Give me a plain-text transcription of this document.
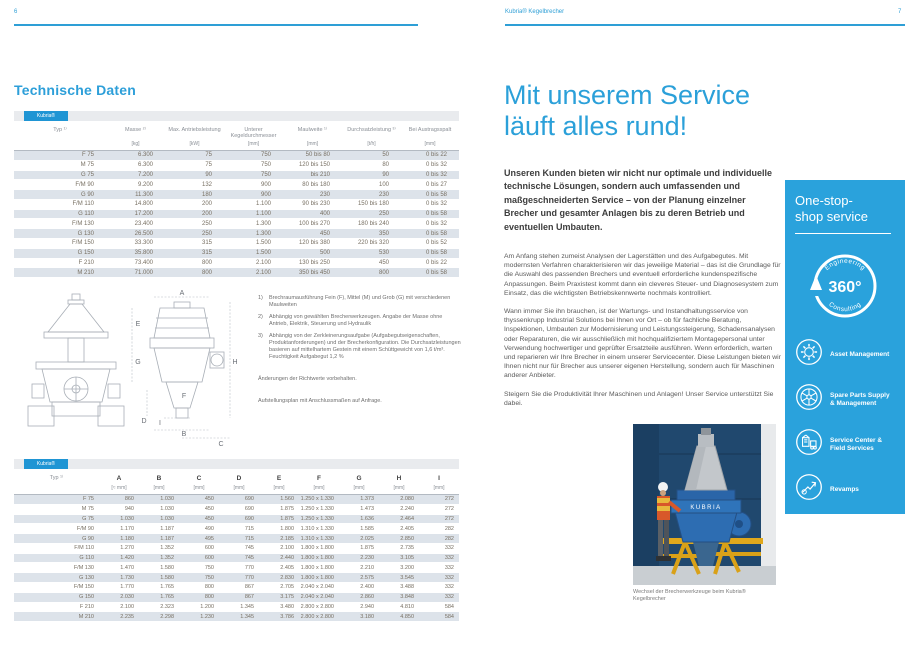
6
Technische Daten
Kubria®
Typ ¹⁾	Masse ²⁾	Max. Antriebsleistung	Unterer Kegeldurchmesser	Maulweite ¹⁾	Durchsatzleistung ³⁾	Bei Austragsspalt
	[kg]	[kW]	[mm]	[mm]	[t/h]	[mm]
F 75	6.300	75	750	50 bis 80	50	0 bis 22
M 75	6.300	75	750	120 bis 150	80	0 bis 32
G 75	7.200	90	750	bis 210	90	0 bis 32
F/M 90	9.200	132	900	80 bis 180	100	0 bis 27
G 90	11.300	180	900	230	230	0 bis 58
F/M 110	14.800	200	1.100	90 bis 230	150 bis 180	0 bis 32
G 110	17.200	200	1.100	400	250	0 bis 58
F/M 130	23.400	250	1.300	100 bis 270	180 bis 240	0 bis 32
G 130	26.500	250	1.300	450	350	0 bis 58
F/M 150	33.300	315	1.500	120 bis 380	220 bis 320	0 bis 52
G 150	35.800	315	1.500	500	530	0 bis 58
F 210	73.400	800	2.100	130 bis 250	450	0 bis 22
M 210	71.000	800	2.100	350 bis 450	800	0 bis 58
A
B
C
D
E
F
G	H
I
1)	Brechraumausführung Fein (F), Mittel (M) und Grob (G) mit verschiedenen Maulweiten
2)	Abhängig von gewählten Brecherwerkzeugen. Angabe der Masse ohne Antrieb, Elektrik, Steuerung und Hydraulik
3)	Abhängig von der Zerkleinerungsaufgabe (Aufgabegutseigenschaften, Produktanforderungen) und der Brecherkonfiguration. Die Durchsatzleistungen basieren auf mittelhartem Gestein mit einem Schüttgewicht von 1,6 t/m³. Feuchtigkeit Aufgabegut 1,2 %
Änderungen der Richtwerte vorbehalten.
Aufstellungsplan mit Anschlussmaßen auf Anfrage.
Kubria®
Typ ¹⁾	A	B	C	D	E	F	G	H	I
	[≈ mm]	[mm]	[mm]	[mm]	[mm]	[mm]	[mm]	[mm]	[mm]
F 75	860	1.030	450	690	1.560	1.250 x 1.330	1.373	2.080	272
M 75	940	1.030	450	690	1.875	1.250 x 1.330	1.473	2.240	272
G 75	1.030	1.030	450	690	1.875	1.250 x 1.330	1.636	2.464	272
F/M 90	1.170	1.187	490	715	1.800	1.310 x 1.330	1.585	2.405	282
G 90	1.180	1.187	495	715	2.185	1.310 x 1.330	2.025	2.850	282
F/M 110	1.270	1.352	600	745	2.100	1.800 x 1.800	1.875	2.735	332
G 110	1.420	1.352	600	745	2.440	1.800 x 1.800	2.230	3.105	332
F/M 130	1.470	1.580	750	770	2.405	1.800 x 1.800	2.210	3.200	332
G 130	1.730	1.580	750	770	2.830	1.800 x 1.800	2.575	3.545	332
F/M 150	1.770	1.765	800	867	2.705	2.040 x 2.040	2.400	3.488	332
G 150	2.030	1.765	800	867	3.175	2.040 x 2.040	2.860	3.848	332
F 210	2.100	2.323	1.200	1.345	3.480	2.800 x 2.800	2.940	4.810	584
M 210	2.235	2.298	1.230	1.345	3.786	2.800 x 2.800	3.180	4.850	584
Kubria® Kegelbrecher	7
Mit unserem Service
läuft alles rund!
Unseren Kunden bieten wir nicht nur optimale und individuelle technische Lösungen, sondern auch umfassenden und maßgeschneiderten Service – von der Planung einzelner Brecher und gesamter Anlagen bis zu deren Betrieb und eventuellen Umbauten.

Am Anfang stehen zumeist Analysen der Lagerstätten und des Aufgabegutes. Mit modernsten Verfahren charakterisieren wir das jeweilige Material – das ist die Grundlage für die Auswahl des passenden Brechers und eventuell erforderliche kundenspezifische Anpassungen. Beim Praxistest kommt dann ein cleveres Steuer- und Diagnosesystem zum Einsatz, das die wichtigsten Betriebskennwerte nochmals kontrolliert.

Wann immer Sie ihn brauchen, ist der Wartungs- und Instandhaltungsservice von thyssenkrupp Industrial Solutions bei Ihnen vor Ort – ob für fachliche Beratung, Inspektionen, Umbauten zur Modernisierung und Leistungssteigerung, Schadensanalysen oder Reparaturen, die wir ausschließlich mit hochqualifiziertem Montagepersonal unter Verwendung hochwertiger und geprüfter Ersatzteile ausführen. Wenn erforderlich, warten und reparieren wir Ihre Brecher in einem unserer Servicecenter. Diese Leistungen bieten wir Ihnen nicht nur für Brecher aus unserer eigenen Herstellung, sondern auch für Maschinen anderer Anbieter.

Steigern Sie die Produktivität Ihrer Maschinen und Anlagen! Unser Service unterstützt Sie dabei.

One-stop-
shop service
Engineering
Consulting
360°
Asset Management
Spare Parts Supply & Management
Service Center & Field Services
Revamps
KUBRIA
Wechsel der Brecherwerkzeuge beim Kubria® Kegelbrecher
